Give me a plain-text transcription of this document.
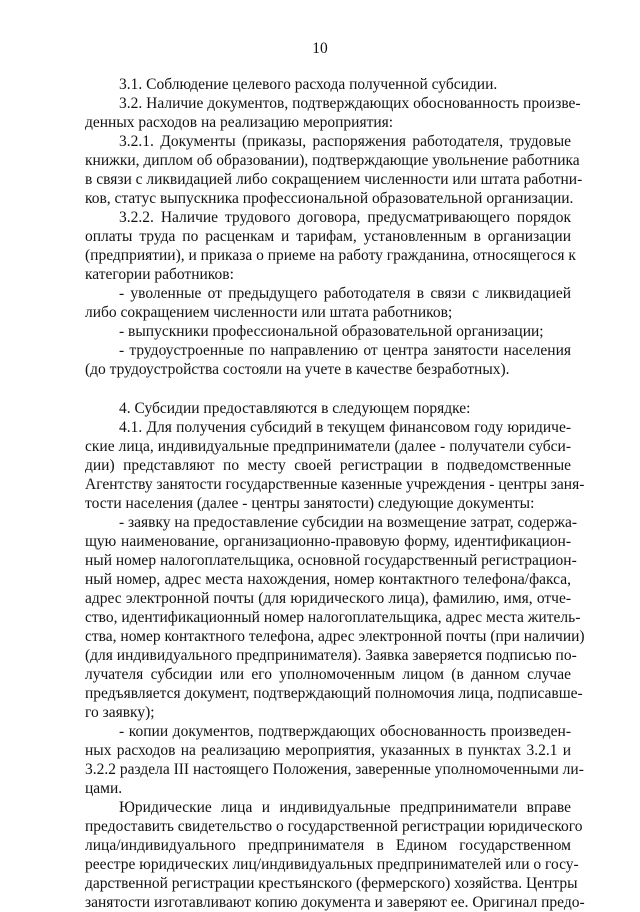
10
3.1. Соблюдение целевого расхода полученной субсидии.
3.2. Наличие документов, подтверждающих обоснованность произве-
денных расходов на реализацию мероприятия:
3.2.1. Документы (приказы, распоряжения работодателя, трудовые
книжки, диплом об образовании), подтверждающие увольнение работника
в связи с ликвидацией либо сокращением численности или штата работни-
ков, статус выпускника профессиональной образовательной организации.
3.2.2. Наличие трудового договора, предусматривающего порядок
оплаты труда по расценкам и тарифам, установленным в организации
(предприятии), и приказа о приеме на работу гражданина, относящегося к
категории работников:
- уволенные от предыдущего работодателя в связи с ликвидацией
либо сокращением численности или штата работников;
- выпускники профессиональной образовательной организации;
- трудоустроенные по направлению от центра занятости населения
(до трудоустройства состояли на учете в качестве безработных).
4. Субсидии предоставляются в следующем порядке:
4.1. Для получения субсидий в текущем финансовом году юридиче-
ские лица, индивидуальные предприниматели (далее - получатели субси-
дии) представляют по месту своей регистрации в подведомственные
Агентству занятости государственные казенные учреждения - центры заня-
тости населения (далее - центры занятости) следующие документы:
- заявку на предоставление субсидии на возмещение затрат, содержа-
щую наименование, организационно-правовую форму, идентификацион-
ный номер налогоплательщика, основной государственный регистрацион-
ный номер, адрес места нахождения, номер контактного телефона/факса,
адрес электронной почты (для юридического лица), фамилию, имя, отче-
ство, идентификационный номер налогоплательщика, адрес места житель-
ства, номер контактного телефона, адрес электронной почты (при наличии)
(для индивидуального предпринимателя). Заявка заверяется подписью по-
лучателя субсидии или его уполномоченным лицом (в данном случае
предъявляется документ, подтверждающий полномочия лица, подписавше-
го заявку);
- копии документов, подтверждающих обоснованность произведен-
ных расходов на реализацию мероприятия, указанных в пунктах 3.2.1 и
3.2.2 раздела III настоящего Положения, заверенные уполномоченными ли-
цами.
Юридические лица и индивидуальные предприниматели вправе
предоставить свидетельство о государственной регистрации юридического
лица/индивидуального предпринимателя в Едином государственном
реестре юридических лиц/индивидуальных предпринимателей или о госу-
дарственной регистрации крестьянского (фермерского) хозяйства. Центры
занятости изготавливают копию документа и заверяют ее. Оригинал предо-
